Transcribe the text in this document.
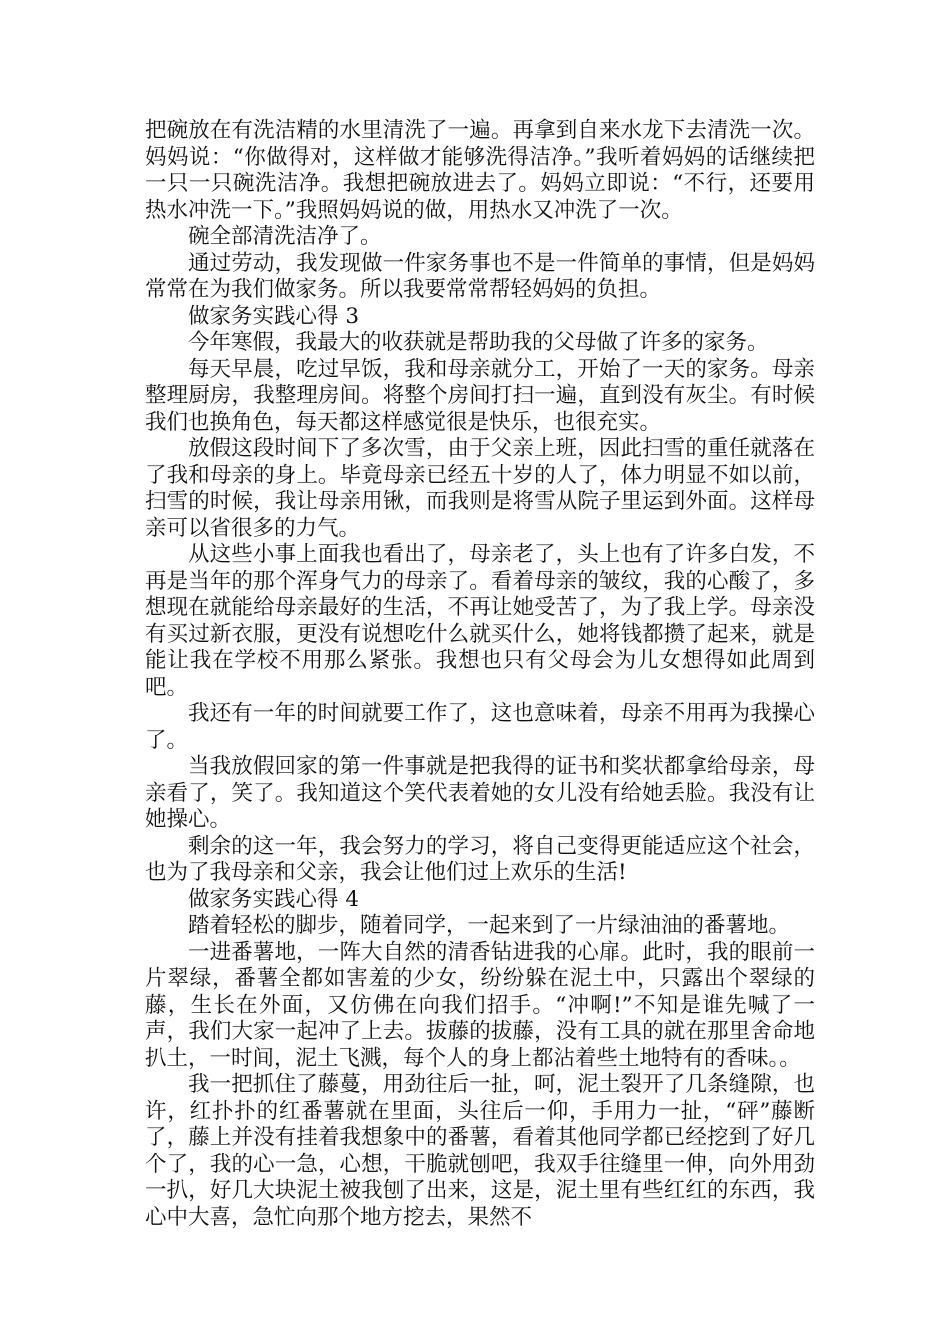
把碗放在有洗洁精的水里清洗了一遍。再拿到自来水龙下去清洗一次。妈妈说：“你做得对，这样做才能够洗得洁净。”我听着妈妈的话继续把一只一只碗洗洁净。我想把碗放进去了。妈妈立即说：“不行，还要用热水冲洗一下。”我照妈妈说的做，用热水又冲洗了一次。

碗全部清洗洁净了。

通过劳动，我发现做一件家务事也不是一件简单的事情，但是妈妈常常在为我们做家务。所以我要常常帮轻妈妈的负担。

做家务实践心得 3

今年寒假，我最大的收获就是帮助我的父母做了许多的家务。

每天早晨，吃过早饭，我和母亲就分工，开始了一天的家务。母亲整理厨房，我整理房间。将整个房间打扫一遍，直到没有灰尘。有时候我们也换角色，每天都这样感觉很是快乐，也很充实。

放假这段时间下了多次雪，由于父亲上班，因此扫雪的重任就落在了我和母亲的身上。毕竟母亲已经五十岁的人了，体力明显不如以前，扫雪的时候，我让母亲用锹，而我则是将雪从院子里运到外面。这样母亲可以省很多的力气。

从这些小事上面我也看出了，母亲老了，头上也有了许多白发，不再是当年的那个浑身气力的母亲了。看着母亲的皱纹，我的心酸了，多想现在就能给母亲最好的生活，不再让她受苦了，为了我上学。母亲没有买过新衣服，更没有说想吃什么就买什么，她将钱都攒了起来，就是能让我在学校不用那么紧张。我想也只有父母会为儿女想得如此周到吧。

我还有一年的时间就要工作了，这也意味着，母亲不用再为我操心了。

当我放假回家的第一件事就是把我得的证书和奖状都拿给母亲，母亲看了，笑了。我知道这个笑代表着她的女儿没有给她丢脸。我没有让她操心。

剩余的这一年，我会努力的学习，将自己变得更能适应这个社会，也为了我母亲和父亲，我会让他们过上欢乐的生活!

做家务实践心得 4

踏着轻松的脚步，随着同学，一起来到了一片绿油油的番薯地。

一进番薯地，一阵大自然的清香钻进我的心扉。此时，我的眼前一片翠绿，番薯全都如害羞的少女，纷纷躲在泥土中，只露出个翠绿的藤，生长在外面，又仿佛在向我们招手。“冲啊!”不知是谁先喊了一声，我们大家一起冲了上去。拔藤的拔藤，没有工具的就在那里舍命地扒土，一时间，泥土飞溅，每个人的身上都沾着些土地特有的香味。。

我一把抓住了藤蔓，用劲往后一扯，呵，泥土裂开了几条缝隙，也许，红扑扑的红番薯就在里面，头往后一仰，手用力一扯，“砰”藤断了，藤上并没有挂着我想象中的番薯，看着其他同学都已经挖到了好几个了，我的心一急，心想，干脆就刨吧，我双手往缝里一伸，向外用劲一扒，好几大块泥土被我刨了出来，这是，泥土里有些红红的东西，我心中大喜，急忙向那个地方挖去，果然不
